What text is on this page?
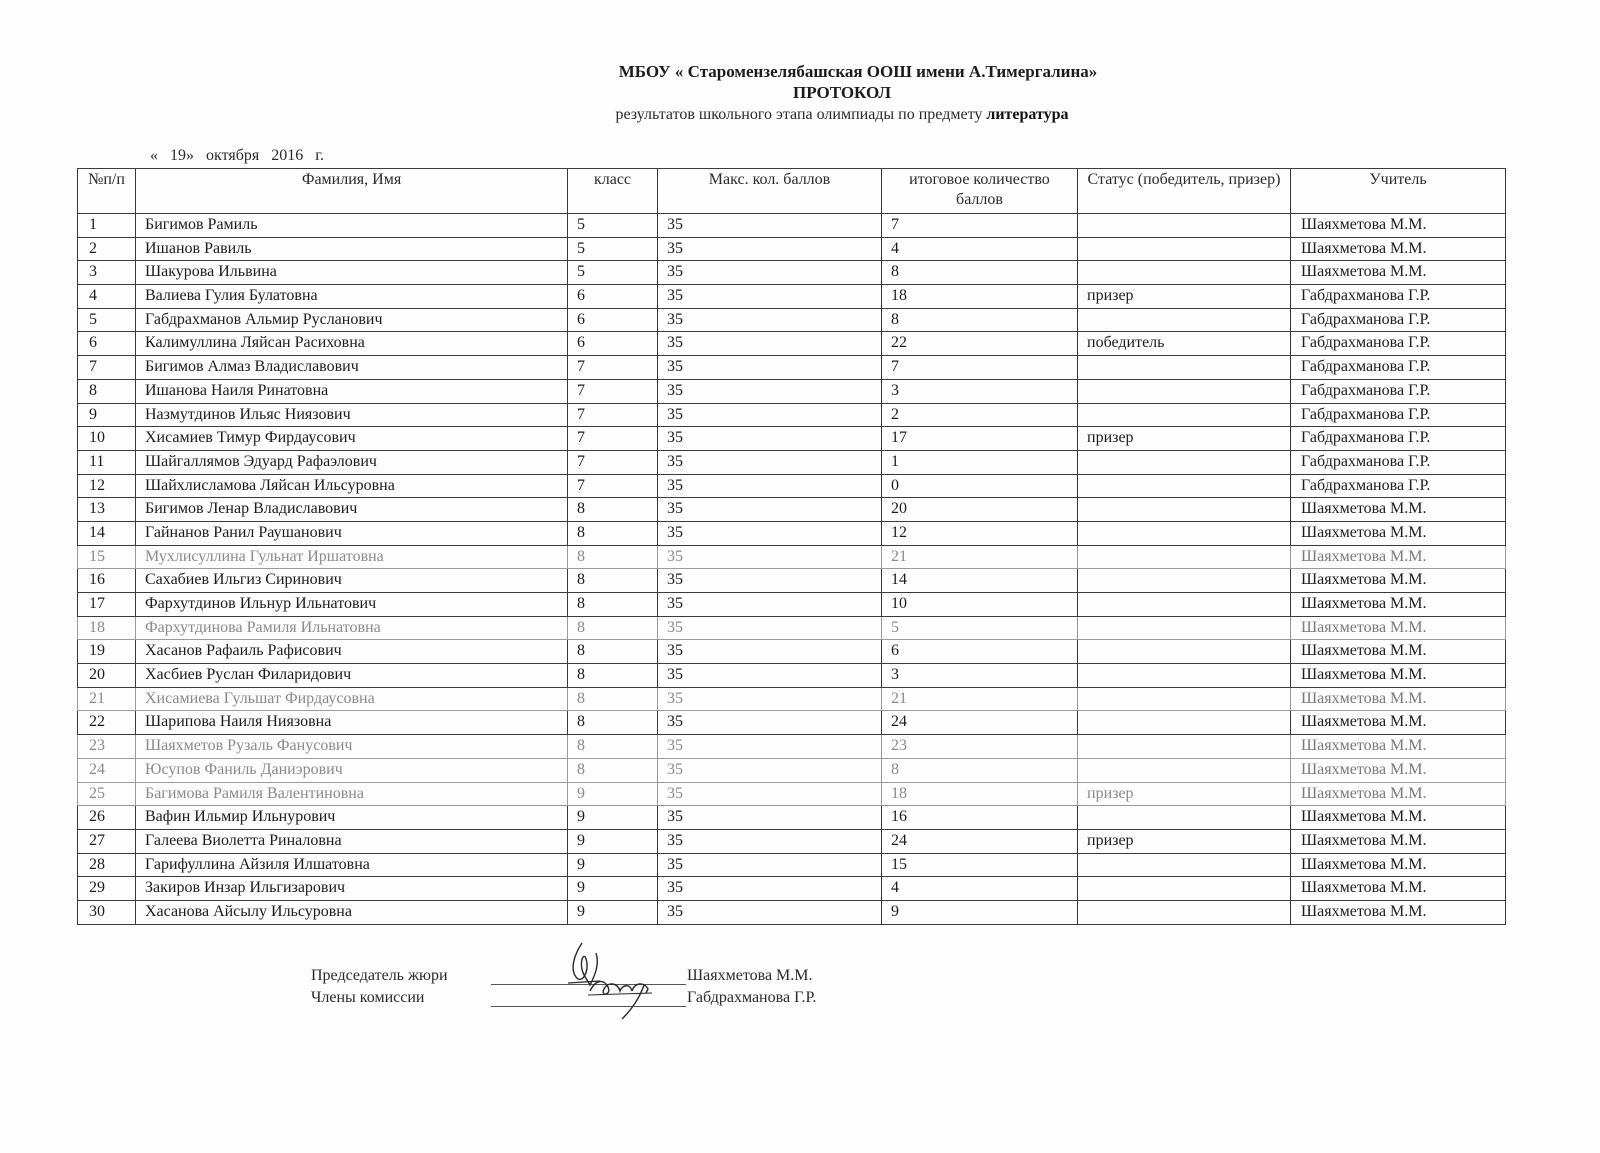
МБОУ « Старомензелябашская ООШ имени А.Тимергалина»
ПРОТОКОЛ
результатов школьного этапа олимпиады по предмету литература
« 19» октября 2016 г.
№п/п	Фамилия, Имя	класс	Макс. кол. баллов	итоговое количество баллов	Статус (победитель, призер)	Учитель
1	Бигимов Рамиль	5	35	7		Шаяхметова М.М.
2	Ишанов Равиль	5	35	4		Шаяхметова М.М.
3	Шакурова Ильвина	5	35	8		Шаяхметова М.М.
4	Валиева Гулия Булатовна	6	35	18	призер	Габдрахманова Г.Р.
5	Габдрахманов Альмир Русланович	6	35	8		Габдрахманова Г.Р.
6	Калимуллина Ляйсан Расиховна	6	35	22	победитель	Габдрахманова Г.Р.
7	Бигимов Алмаз Владиславович	7	35	7		Габдрахманова Г.Р.
8	Ишанова Наиля Ринатовна	7	35	3		Габдрахманова Г.Р.
9	Назмутдинов Ильяс Ниязович	7	35	2		Габдрахманова Г.Р.
10	Хисамиев Тимур Фирдаусович	7	35	17	призер	Габдрахманова Г.Р.
11	Шайгаллямов Эдуард Рафаэлович	7	35	1		Габдрахманова Г.Р.
12	Шайхлисламова Ляйсан Ильсуровна	7	35	0		Габдрахманова Г.Р.
13	Бигимов Ленар Владиславович	8	35	20		Шаяхметова М.М.
14	Гайнанов Ранил Раушанович	8	35	12		Шаяхметова М.М.
15	Мухлисуллина Гульнат Иршатовна	8	35	21		Шаяхметова М.М.
16	Сахабиев Ильгиз Сиринович	8	35	14		Шаяхметова М.М.
17	Фархутдинов Ильнур Ильнатович	8	35	10		Шаяхметова М.М.
18	Фархутдинова Рамиля Ильнатовна	8	35	5		Шаяхметова М.М.
19	Хасанов Рафаиль Рафисович	8	35	6		Шаяхметова М.М.
20	Хасбиев Руслан Филаридович	8	35	3		Шаяхметова М.М.
21	Хисамиева Гульшат Фирдаусовна	8	35	21		Шаяхметова М.М.
22	Шарипова Наиля Ниязовна	8	35	24		Шаяхметова М.М.
23	Шаяхметов Рузаль Фанусович	8	35	23		Шаяхметова М.М.
24	Юсупов Фаниль Даниэрович	8	35	8		Шаяхметова М.М.
25	Багимова Рамиля Валентиновна	9	35	18	призер	Шаяхметова М.М.
26	Вафин Ильмир Ильнурович	9	35	16		Шаяхметова М.М.
27	Галеева Виолетта Риналовна	9	35	24	призер	Шаяхметова М.М.
28	Гарифуллина Айзиля Илшатовна	9	35	15		Шаяхметова М.М.
29	Закиров Инзар Ильгизарович	9	35	4		Шаяхметова М.М.
30	Хасанова Айсылу Ильсуровна	9	35	9		Шаяхметова М.М.
Председатель жюри	Шаяхметова М.М.
Члены комиссии	Габдрахманова Г.Р.
